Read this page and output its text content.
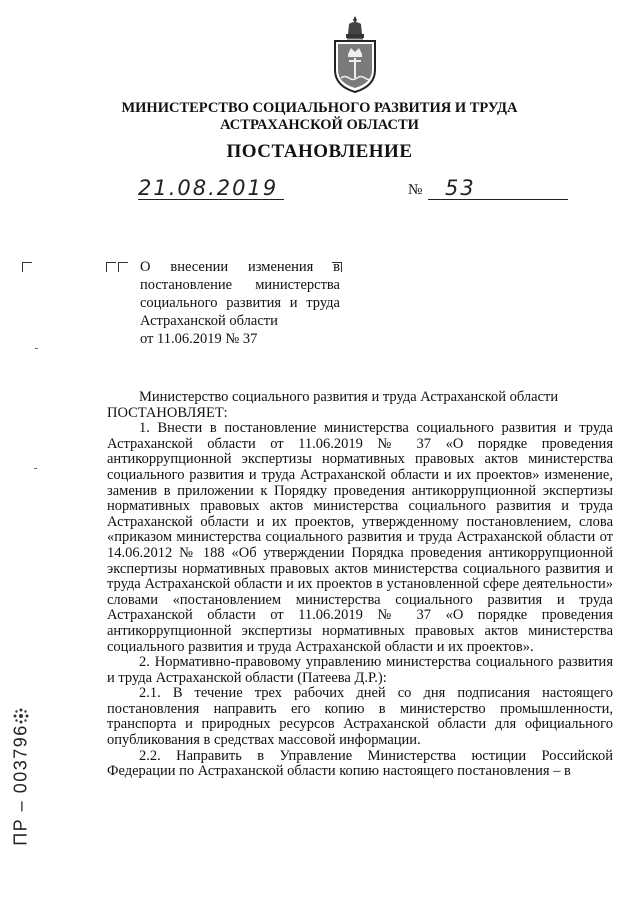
МИНИСТЕРСТВО СОЦИАЛЬНОГО РАЗВИТИЯ И ТРУДА
АСТРАХАНСКОЙ ОБЛАСТИ
ПОСТАНОВЛЕНИЕ
21.08.2019	№ 53
О внесении изменения в
постановление министерства
социального развития и труда
Астраханской области
от 11.06.2019 № 37

Министерство социального развития и труда Астраханской области

ПОСТАНОВЛЯЕТ:

1. Внести в постановление министерства социального развития и труда Астраханской области от 11.06.2019 № 37 «О порядке проведения антикоррупционной экспертизы нормативных правовых актов министерства социального развития и труда Астраханской области и их проектов» изменение, заменив в приложении к Порядку проведения антикоррупционной экспертизы нормативных правовых актов министерства социального развития и труда Астраханской области и их проектов, утвержденному постановлением, слова «приказом министерства социального развития и труда Астраханской области от 14.06.2012 № 188 «Об утверждении Порядка проведения антикоррупционной экспертизы нормативных правовых актов министерства социального развития и труда Астраханской области и их проектов в установленной сфере деятельности» словами «постановлением министерства социального развития и труда Астраханской области от 11.06.2019 № 37 «О порядке проведения антикоррупционной экспертизы нормативных правовых актов министерства социального развития и труда Астраханской области и их проектов».

2. Нормативно-правовому управлению министерства социального развития и труда Астраханской области (Патеева Д.Р.):

2.1. В течение трех рабочих дней со дня подписания настоящего постановления направить его копию в министерство промышленности, транспорта и природных ресурсов Астраханской области для официального опубликования в средствах массовой информации.

2.2. Направить в Управление Министерства юстиции Российской Федерации по Астраханской области копию настоящего постановления – в

ПР – 003796
